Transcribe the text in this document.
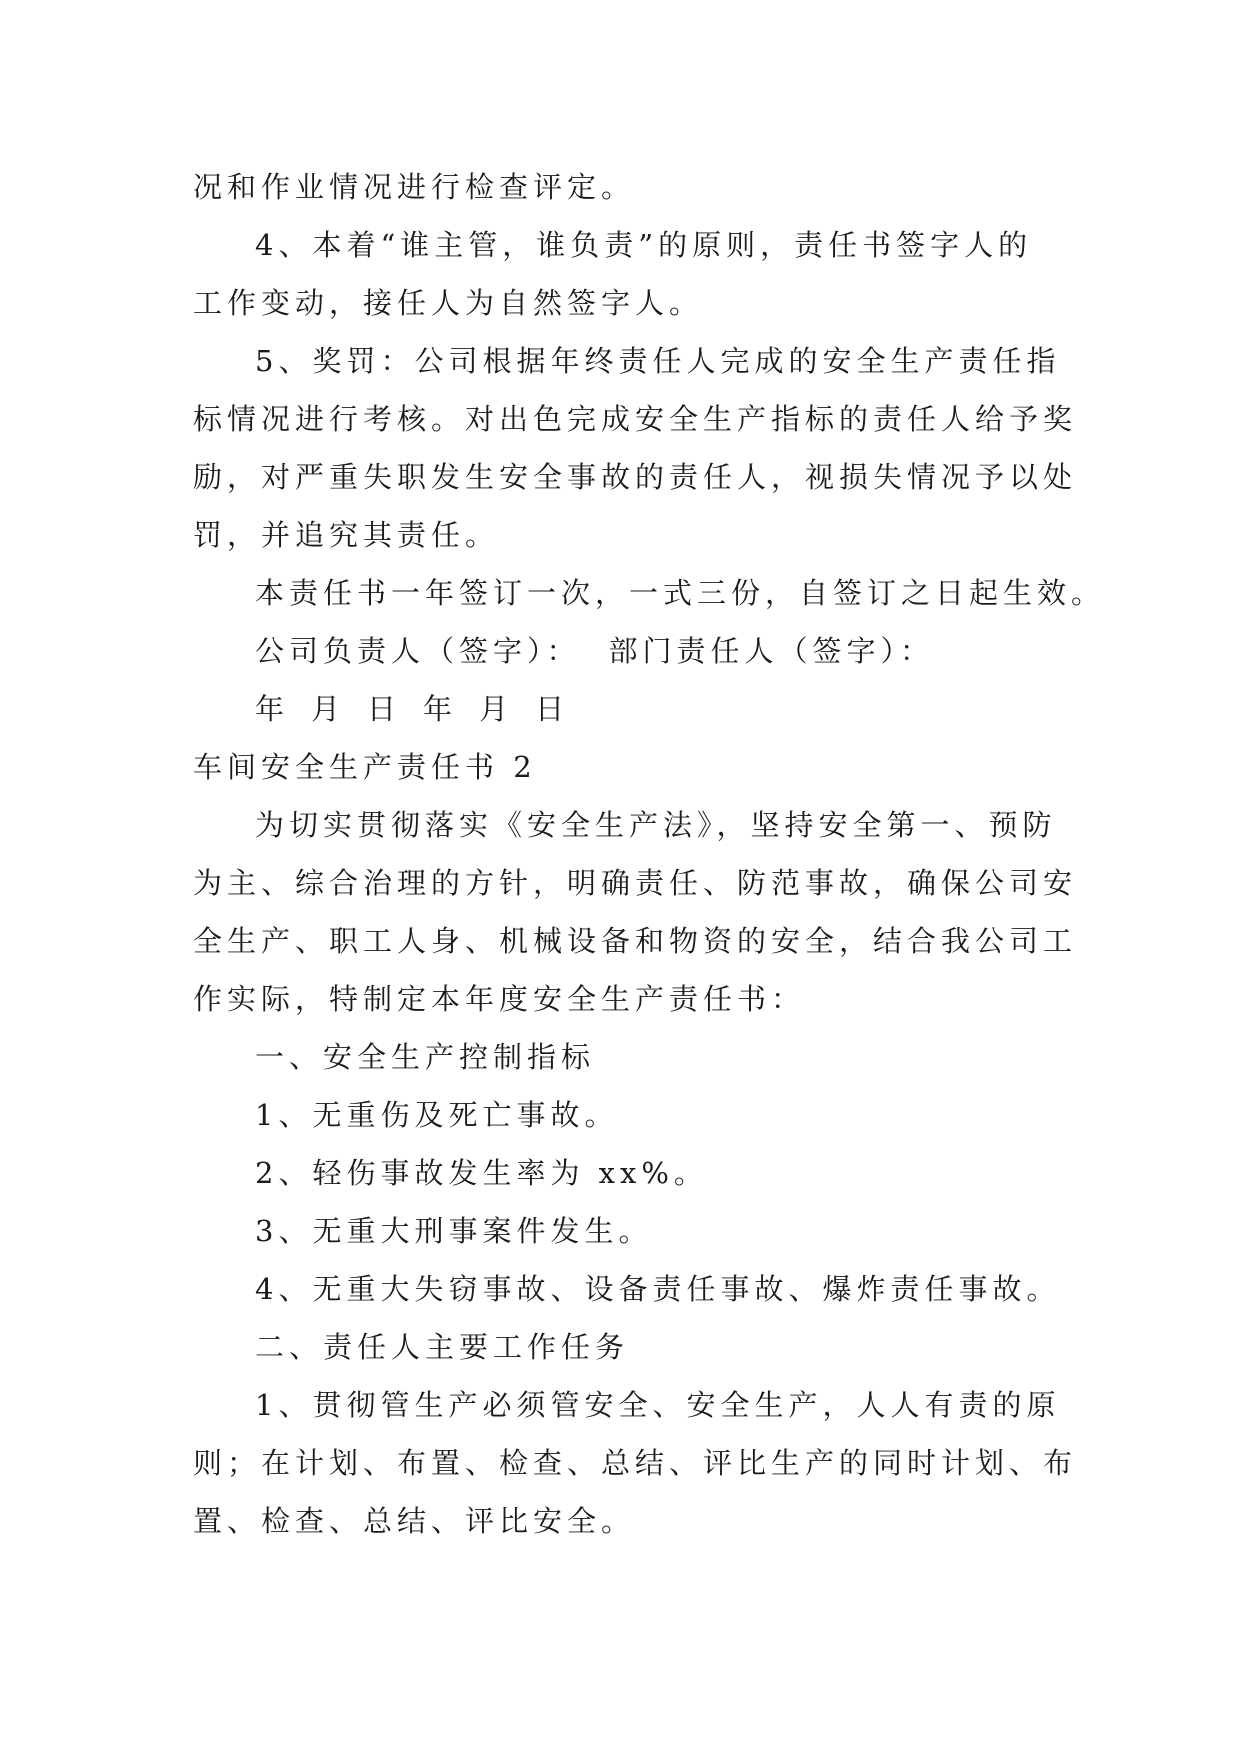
况和作业情况进行检查评定。
4、本着“谁主管，谁负责”的原则，责任书签字人的
工作变动，接任人为自然签字人。
5、奖罚：公司根据年终责任人完成的安全生产责任指
标情况进行考核。对出色完成安全生产指标的责任人给予奖
励，对严重失职发生安全事故的责任人，视损失情况予以处
罚，并追究其责任。
本责任书一年签订一次，一式三份，自签订之日起生效。
公司负责人（签字）： 部门责任人（签字）：
年 月 日 年 月 日
车间安全生产责任书 2
为切实贯彻落实《安全生产法》，坚持安全第一、预防
为主、综合治理的方针，明确责任、防范事故，确保公司安
全生产、职工人身、机械设备和物资的安全，结合我公司工
作实际，特制定本年度安全生产责任书：
一、安全生产控制指标
1、无重伤及死亡事故。
2、轻伤事故发生率为 xx%。
3、无重大刑事案件发生。
4、无重大失窃事故、设备责任事故、爆炸责任事故。
二、责任人主要工作任务
1、贯彻管生产必须管安全、安全生产，人人有责的原
则；在计划、布置、检查、总结、评比生产的同时计划、布
置、检查、总结、评比安全。
